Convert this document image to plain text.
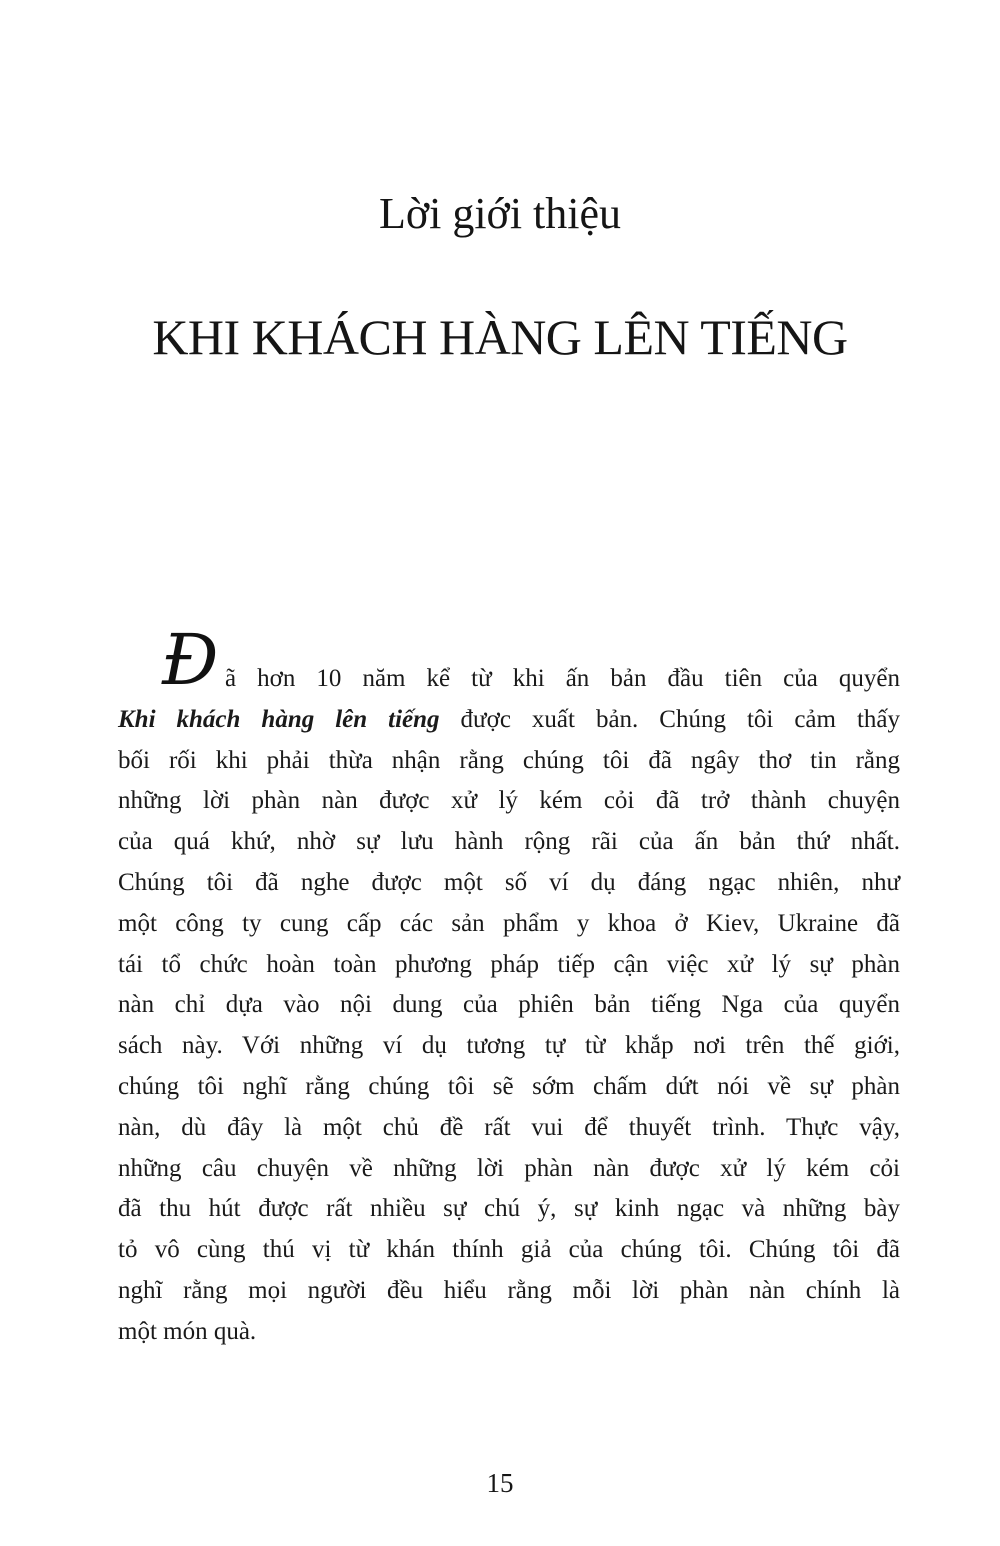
Lời giới thiệu
KHI KHÁCH HÀNG LÊN TIẾNG
Đ ã hơn 10 năm kể từ khi ấn bản đầu tiên của quyển
Khi khách hàng lên tiếng được xuất bản. Chúng tôi cảm thấy
bối rối khi phải thừa nhận rằng chúng tôi đã ngây thơ tin rằng
những lời phàn nàn được xử lý kém cỏi đã trở thành chuyện
của quá khứ, nhờ sự lưu hành rộng rãi của ấn bản thứ nhất.
Chúng tôi đã nghe được một số ví dụ đáng ngạc nhiên, như
một công ty cung cấp các sản phẩm y khoa ở Kiev, Ukraine đã
tái tổ chức hoàn toàn phương pháp tiếp cận việc xử lý sự phàn
nàn chỉ dựa vào nội dung của phiên bản tiếng Nga của quyển
sách này. Với những ví dụ tương tự từ khắp nơi trên thế giới,
chúng tôi nghĩ rằng chúng tôi sẽ sớm chấm dứt nói về sự phàn
nàn, dù đây là một chủ đề rất vui để thuyết trình. Thực vậy,
những câu chuyện về những lời phàn nàn được xử lý kém cỏi
đã thu hút được rất nhiều sự chú ý, sự kinh ngạc và những bày
tỏ vô cùng thú vị từ khán thính giả của chúng tôi. Chúng tôi đã
nghĩ rằng mọi người đều hiểu rằng mỗi lời phàn nàn chính là
một món quà.
15
